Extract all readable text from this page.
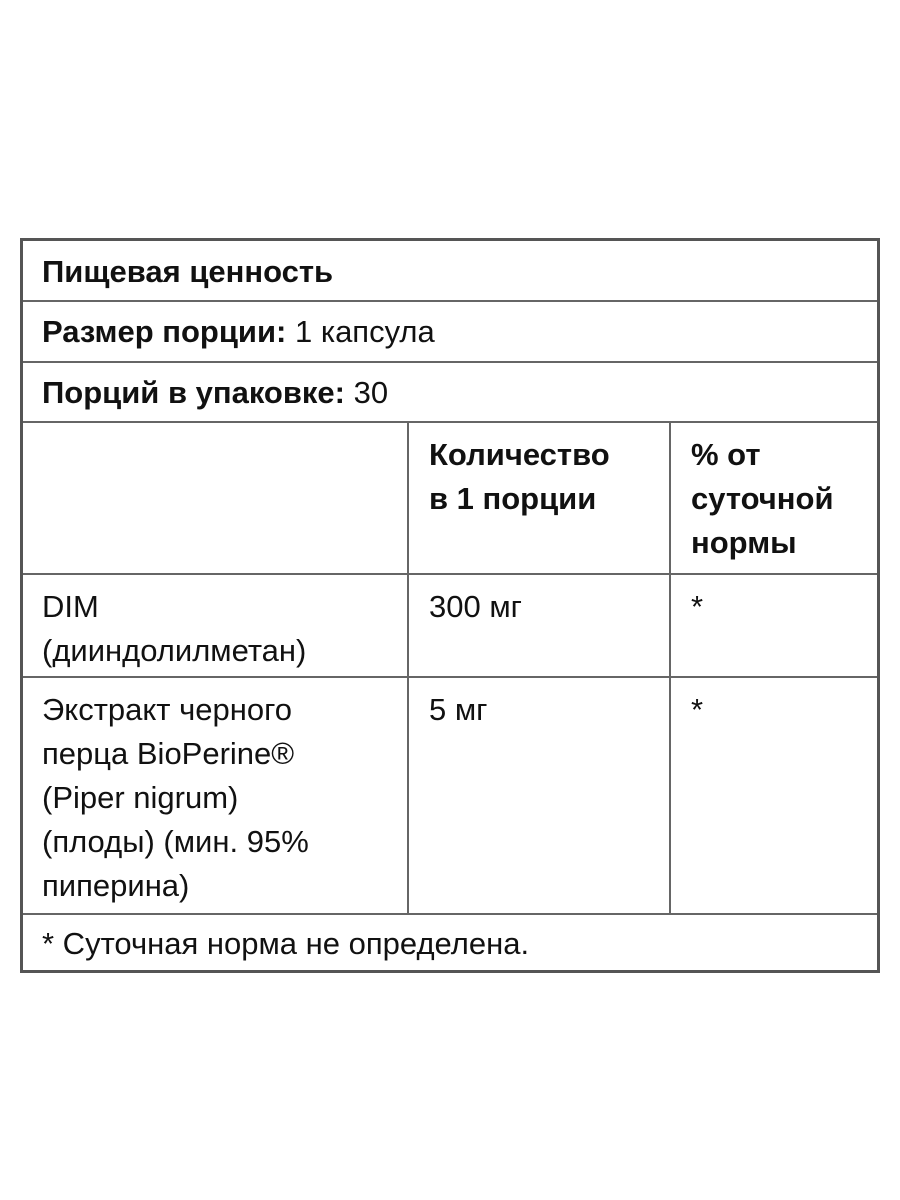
Пищевая ценность
Размер порции: 1 капсула
Порций в упаковке: 30
Количество
в 1 порции
% от
суточной
нормы
DIM
(дииндолилметан)
300 мг	*
Экстракт черного
перца BioPerine®
(Piper nigrum)
(плоды) (мин. 95%
пиперина)
5 мг	*
* Суточная норма не определена.
